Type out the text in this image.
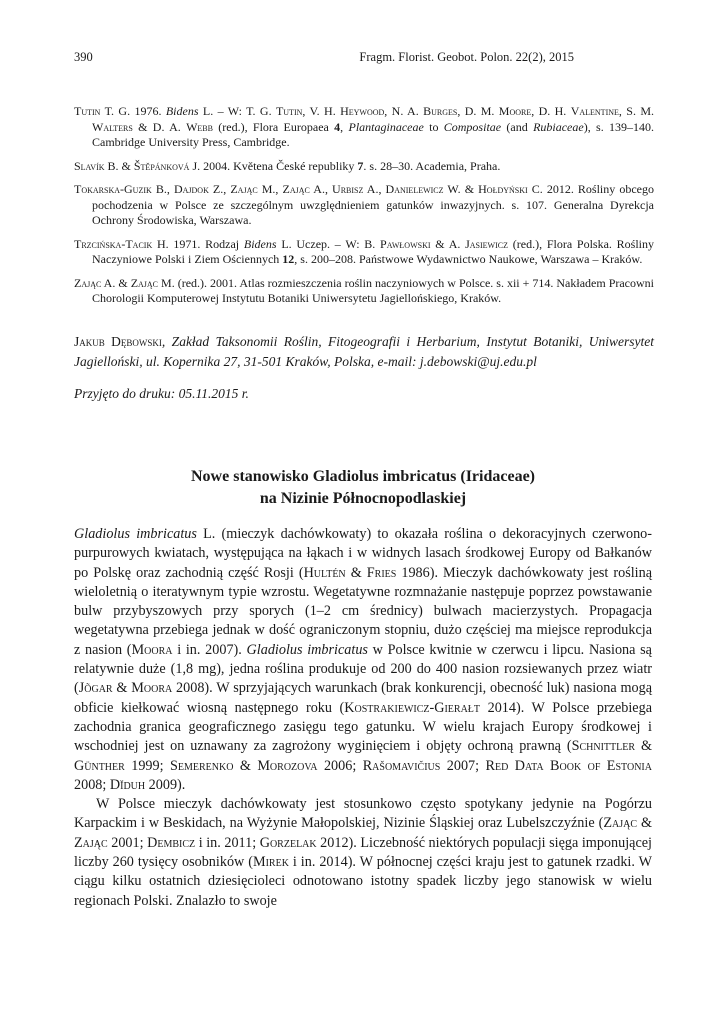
390	Fragm. Florist. Geobot. Polon. 22(2), 2015
Tutin T. G. 1976. Bidens L. – W: T. G. Tutin, V. H. Heywood, N. A. Burges, D. M. Moore, D. H. Valentine, S. M. Walters & D. A. Webb (red.), Flora Europaea 4, Plantaginaceae to Compositae (and Rubiaceae), s. 139–140. Cambridge University Press, Cambridge.
Slavík B. & Štěpánková J. 2004. Květena České republiky 7. s. 28–30. Academia, Praha.
Tokarska-Guzik B., Dajdok Z., Zając M., Zając A., Urbisz A., Danielewicz W. & Hołdyński C. 2012. Rośliny obcego pochodzenia w Polsce ze szczególnym uwzględnieniem gatunków inwazyjnych. s. 107. Generalna Dyrekcja Ochrony Środowiska, Warszawa.
Trzcińska-Tacik H. 1971. Rodzaj Bidens L. Uczep. – W: B. Pawłowski & A. Jasiewicz (red.), Flora Polska. Rośliny Naczyniowe Polski i Ziem Ościennych 12, s. 200–208. Państwowe Wydawnictwo Naukowe, Warszawa – Kraków.
Zając A. & Zając M. (red.). 2001. Atlas rozmieszczenia roślin naczyniowych w Polsce. s. xii + 714. Nakładem Pracowni Chorologii Komputerowej Instytutu Botaniki Uniwersytetu Jagiellońskiego, Kraków.
Jakub Dębowski, Zakład Taksonomii Roślin, Fitogeografii i Herbarium, Instytut Botaniki, Uniwersytet Jagielloński, ul. Kopernika 27, 31-501 Kraków, Polska, e-mail: j.debowski@uj.edu.pl
Przyjęto do druku: 05.11.2015 r.
Nowe stanowisko Gladiolus imbricatus (Iridaceae)
na Nizinie Północnopodlaskiej

Gladiolus imbricatus L. (mieczyk dachówkowaty) to okazała roślina o dekoracyjnych czerwono-purpurowych kwiatach, występująca na łąkach i w widnych lasach środkowej Europy od Bałkanów po Polskę oraz zachodnią część Rosji (Hultén & Fries 1986). Mieczyk dachówkowaty jest rośliną wieloletnią o iteratywnym typie wzrostu. Wegetatywne rozmnażanie następuje poprzez powstawanie bulw przybyszowych przy sporych (1–2 cm średnicy) bulwach macierzystych. Propagacja wegetatywna przebiega jednak w dość ograniczonym stopniu, dużo częściej ma miejsce reprodukcja z nasion (Moora i in. 2007). Gladiolus imbricatus w Polsce kwitnie w czerwcu i lipcu. Nasiona są relatywnie duże (1,8 mg), jedna roślina produkuje od 200 do 400 nasion rozsiewanych przez wiatr (Jõgar & Moora 2008). W sprzyjających warunkach (brak konkurencji, obecność luk) nasiona mogą obficie kiełkować wiosną następnego roku (Kostrakiewicz-Gierałt 2014). W Polsce przebiega zachodnia granica geograficznego zasięgu tego gatunku. W wielu krajach Europy środkowej i wschodniej jest on uznawany za zagrożony wyginięciem i objęty ochroną prawną (Schnittler & Günther 1999; Semerenko & Morozova 2006; Rašomavičius 2007; Red Data Book of Estonia 2008; Dĭduh 2009).

W Polsce mieczyk dachówkowaty jest stosunkowo często spotykany jedynie na Pogórzu Karpackim i w Beskidach, na Wyżynie Małopolskiej, Nizinie Śląskiej oraz Lubelszczyźnie (Zając & Zając 2001; Dembicz i in. 2011; Gorzelak 2012). Liczebność niektórych populacji sięga imponującej liczby 260 tysięcy osobników (Mirek i in. 2014). W północnej części kraju jest to gatunek rzadki. W ciągu kilku ostatnich dziesięcioleci odnotowano istotny spadek liczby jego stanowisk w wielu regionach Polski. Znalazło to swoje
